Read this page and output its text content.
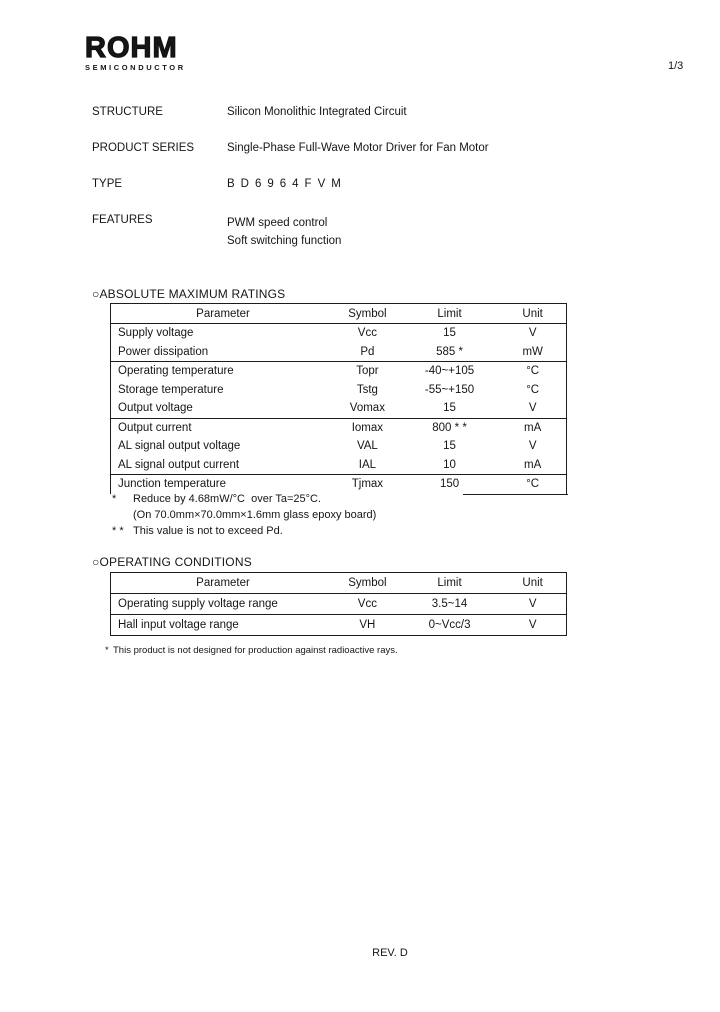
ROHM
SEMICONDUCTOR	1/3
STRUCTURE	Silicon Monolithic Integrated Circuit
PRODUCT SERIES	Single-Phase Full-Wave Motor Driver for Fan Motor
TYPE	BD6964FVM
FEATURES	PWM speed control
Soft switching function
○ABSOLUTE MAXIMUM RATINGS
Parameter	Symbol	Limit	Unit
Supply voltage	Vcc	15	V
Power dissipation	Pd	585 *	mW
Operating temperature	Topr	-40~+105	°C
Storage temperature	Tstg	-55~+150	°C
Output voltage	Vomax	15	V
Output current	Iomax	800 * *	mA
AL signal output voltage	VAL	15	V
AL signal output current	IAL	10	mA
Junction temperature	Tjmax	150	°C
*	Reduce by 4.68mW/°C  over Ta=25°C.
(On 70.0mm×70.0mm×1.6mm glass epoxy board)
* * This value is not to exceed Pd.
○OPERATING CONDITIONS
Parameter	Symbol	Limit	Unit
Operating supply voltage range	Vcc	3.5~14	V
Hall input voltage range	VH	0~Vcc/3	V
* This product is not designed for production against radioactive rays.
REV. D
